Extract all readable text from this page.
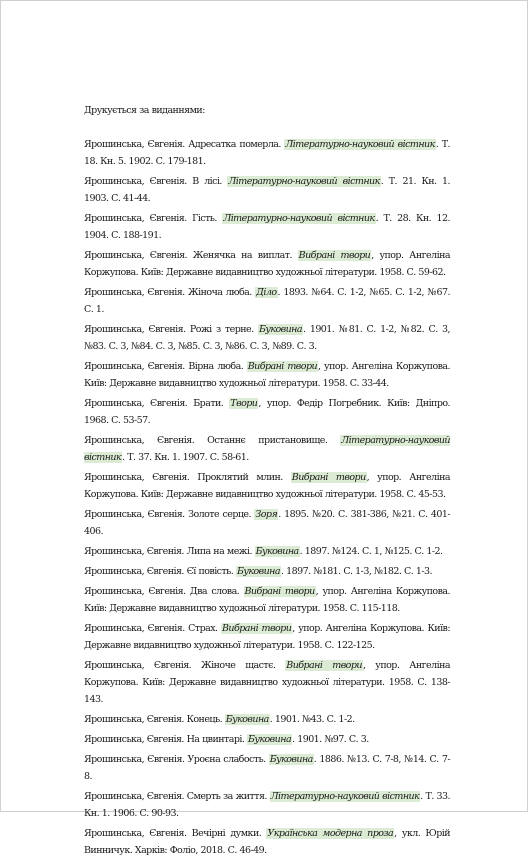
Друкується за виданнями:

Ярошинська, Євгенія. Адресатка померла. Літературно-науковий вістник. Т. 18. Кн. 5. 1902. С. 179-181.

Ярошинська, Євгенія. В лісі. Літературно-науковий вістник. Т. 21. Кн. 1. 1903. С. 41-44.

Ярошинська, Євгенія. Гість. Літературно-науковий вістник. Т. 28. Кн. 12. 1904. С. 188-191.

Ярошинська, Євгенія. Женячка на виплат. Вибрані твори, упор. Ангеліна Коржупова. Київ: Державне видавництво художньої літератури. 1958. С. 59-62.

Ярошинська, Євгенія. Жіноча люба. Діло. 1893. №64. С. 1-2, №65. С. 1-2, №67. С. 1.

Ярошинська, Євгенія. Рожі з терне. Буковина. 1901. №81. С. 1-2, №82. С. 3, №83. С. 3, №84. С. 3, №85. С. 3, №86. С. 3, №89. С. 3.

Ярошинська, Євгенія. Вірна люба. Вибрані твори, упор. Ангеліна Коржупова. Київ: Державне видавництво художньої літератури. 1958. С. 33-44.

Ярошинська, Євгенія. Брати. Твори, упор. Федір Погребник. Київ: Дніпро. 1968. С. 53-57.

Ярошинська, Євгенія. Останнє пристановище. Літературно-науковий вістник. Т. 37. Кн. 1. 1907. С. 58-61.

Ярошинська, Євгенія. Проклятий млин. Вибрані твори, упор. Ангеліна Коржупова. Київ: Державне видавництво художньої літератури. 1958. С. 45-53.

Ярошинська, Євгенія. Золоте серце. Зоря. 1895. №20. С. 381-386, №21. С. 401-406.

Ярошинська, Євгенія. Липа на межі. Буковина. 1897. №124. С. 1, №125. С. 1-2.

Ярошинська, Євгенія. Єї повість. Буковина. 1897. №181. С. 1-3, №182. С. 1-3.

Ярошинська, Євгенія. Два слова. Вибрані твори, упор. Ангеліна Коржупова. Київ: Державне видавництво художньої літератури. 1958. С. 115-118.

Ярошинська, Євгенія. Страх. Вибрані твори, упор. Ангеліна Коржупова. Київ: Державне видавництво художньої літератури. 1958. С. 122-125.

Ярошинська, Євгенія. Жіноче щастє. Вибрані твори, упор. Ангеліна Коржупова. Київ: Державне видавництво художньої літератури. 1958. С. 138-143.

Ярошинська, Євгенія. Конець. Буковина. 1901. №43. С. 1-2.

Ярошинська, Євгенія. На цвинтарі. Буковина. 1901. №97. С. 3.

Ярошинська, Євгенія. Уроєна слабость. Буковина. 1886. №13. С. 7-8, №14. С. 7-8.

Ярошинська, Євгенія. Смерть за життя. Літературно-науковий вістник. Т. 33. Кн. 1. 1906. С. 90-93.

Ярошинська, Євгенія. Вечірні думки. Українська модерна проза, укл. Юрій Винничук. Харків: Фоліо, 2018. С. 46-49.
